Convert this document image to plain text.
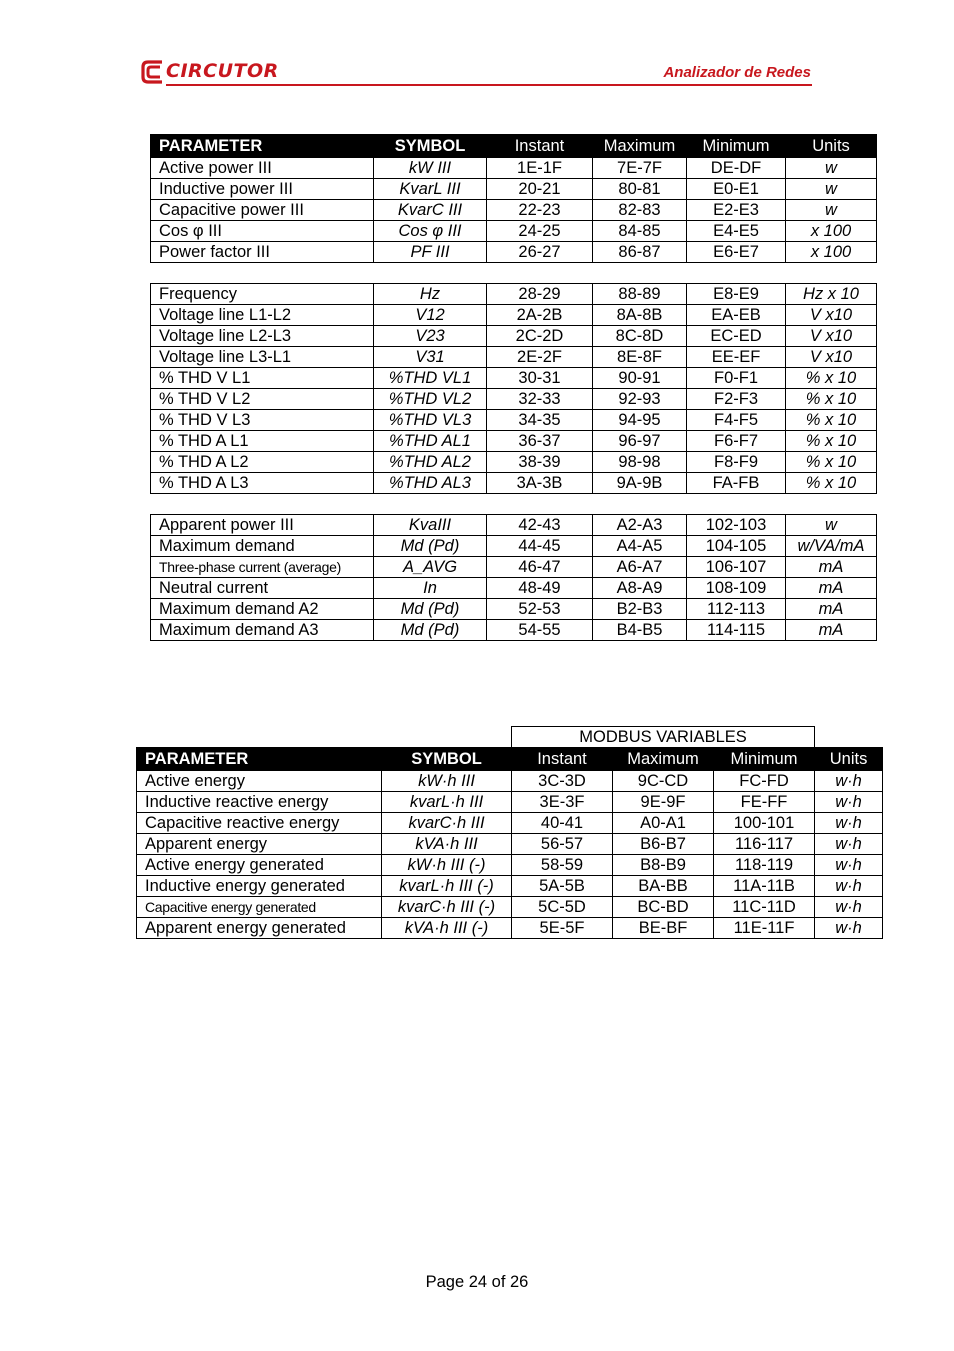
CIRCUTOR	Analizador de Redes
PARAMETER	SYMBOL	Instant	Maximum	Minimum	Units
Active power III	kW III	1E-1F	7E-7F	DE-DF	w
Inductive power III	KvarL III	20-21	80-81	E0-E1	w
Capacitive power III	KvarC III	22-23	82-83	E2-E3	w
Cos φ III	Cos φ III	24-25	84-85	E4-E5	x 100
Power factor III	PF III	26-27	86-87	E6-E7	x 100

Frequency	Hz	28-29	88-89	E8-E9	Hz x 10
Voltage line L1-L2	V12	2A-2B	8A-8B	EA-EB	V x10
Voltage line L2-L3	V23	2C-2D	8C-8D	EC-ED	V x10
Voltage line L3-L1	V31	2E-2F	8E-8F	EE-EF	V x10
% THD V L1	%THD VL1	30-31	90-91	F0-F1	% x 10
% THD V L2	%THD VL2	32-33	92-93	F2-F3	% x 10
% THD V L3	%THD VL3	34-35	94-95	F4-F5	% x 10
% THD A L1	%THD AL1	36-37	96-97	F6-F7	% x 10
% THD A L2	%THD AL2	38-39	98-98	F8-F9	% x 10
% THD A L3	%THD AL3	3A-3B	9A-9B	FA-FB	% x 10

Apparent power III	KvaIII	42-43	A2-A3	102-103	w
Maximum demand	Md (Pd)	44-45	A4-A5	104-105	w/VA/mA
Three-phase current (average)	A_AVG	46-47	A6-A7	106-107	mA
Neutral current	In	48-49	A8-A9	108-109	mA
Maximum demand A2	Md (Pd)	52-53	B2-B3	112-113	mA
Maximum demand A3	Md (Pd)	54-55	B4-B5	114-115	mA
		MODBUS VARIABLES			
PARAMETER	SYMBOL	Instant	Maximum	Minimum	Units
Active energy	kW·h III	3C-3D	9C-CD	FC-FD	w·h
Inductive reactive energy	kvarL·h III	3E-3F	9E-9F	FE-FF	w·h
Capacitive reactive energy	kvarC·h III	40-41	A0-A1	100-101	w·h
Apparent energy	kVA·h III	56-57	B6-B7	116-117	w·h
Active energy generated	kW·h III (-)	58-59	B8-B9	118-119	w·h
Inductive energy generated	kvarL·h III (-)	5A-5B	BA-BB	11A-11B	w·h
Capacitive energy generated	kvarC·h III (-)	5C-5D	BC-BD	11C-11D	w·h
Apparent energy generated	kVA·h III (-)	5E-5F	BE-BF	11E-11F	w·h
Page 24 of 26
